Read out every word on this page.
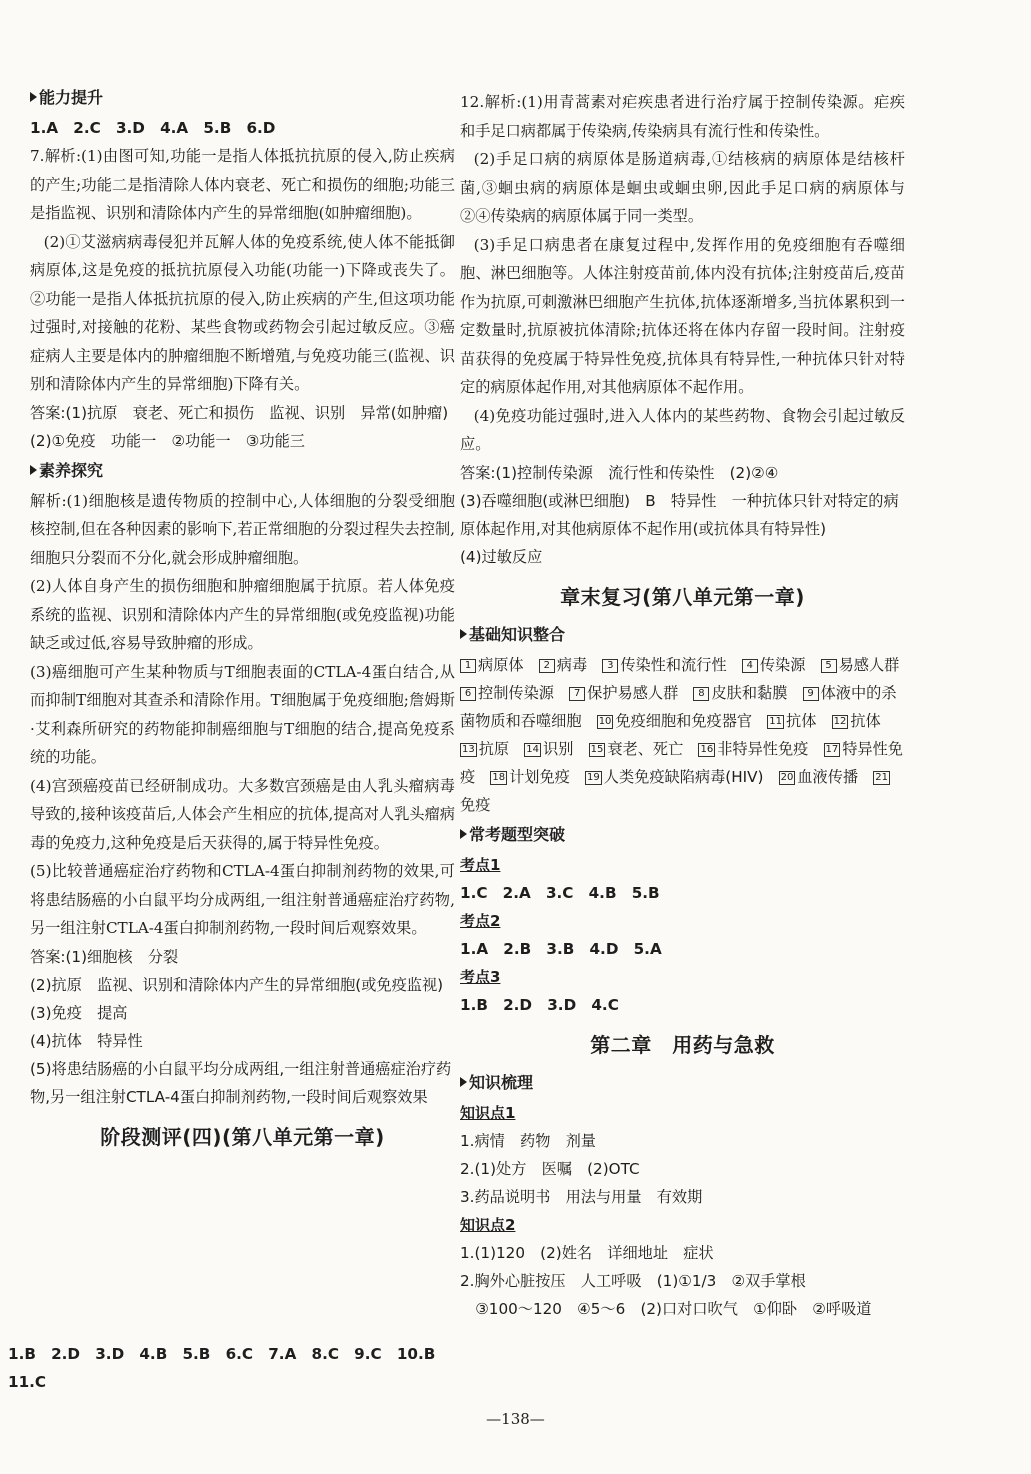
能力提升

1.A　2.C　3.D　4.A　5.B　6.D

7.解析:(1)由图可知,功能一是指人体抵抗抗原的侵入,防止疾病的产生;功能二是指清除人体内衰老、死亡和损伤的细胞;功能三是指监视、识别和清除体内产生的异常细胞(如肿瘤细胞)。

(2)①艾滋病病毒侵犯并瓦解人体的免疫系统,使人体不能抵御病原体,这是免疫的抵抗抗原侵入功能(功能一)下降或丧失了。②功能一是指人体抵抗抗原的侵入,防止疾病的产生,但这项功能过强时,对接触的花粉、某些食物或药物会引起过敏反应。③癌症病人主要是体内的肿瘤细胞不断增殖,与免疫功能三(监视、识别和清除体内产生的异常细胞)下降有关。

答案:(1)抗原　衰老、死亡和损伤　监视、识别　异常(如肿瘤)

(2)①免疫　功能一　②功能一　③功能三

素养探究

解析:(1)细胞核是遗传物质的控制中心,人体细胞的分裂受细胞核控制,但在各种因素的影响下,若正常细胞的分裂过程失去控制,细胞只分裂而不分化,就会形成肿瘤细胞。

(2)人体自身产生的损伤细胞和肿瘤细胞属于抗原。若人体免疫系统的监视、识别和清除体内产生的异常细胞(或免疫监视)功能缺乏或过低,容易导致肿瘤的形成。

(3)癌细胞可产生某种物质与T细胞表面的CTLA-4蛋白结合,从而抑制T细胞对其查杀和清除作用。T细胞属于免疫细胞;詹姆斯·艾利森所研究的药物能抑制癌细胞与T细胞的结合,提高免疫系统的功能。

(4)宫颈癌疫苗已经研制成功。大多数宫颈癌是由人乳头瘤病毒导致的,接种该疫苗后,人体会产生相应的抗体,提高对人乳头瘤病毒的免疫力,这种免疫是后天获得的,属于特异性免疫。

(5)比较普通癌症治疗药物和CTLA-4蛋白抑制剂药物的效果,可将患结肠癌的小白鼠平均分成两组,一组注射普通癌症治疗药物,另一组注射CTLA-4蛋白抑制剂药物,一段时间后观察效果。

答案:(1)细胞核　分裂

(2)抗原　监视、识别和清除体内产生的异常细胞(或免疫监视)

(3)免疫　提高

(4)抗体　特异性

(5)将患结肠癌的小白鼠平均分成两组,一组注射普通癌症治疗药物,另一组注射CTLA-4蛋白抑制剂药物,一段时间后观察效果

阶段测评(四)(第八单元第一章)

1.B　2.D　3.D　4.B　5.B　6.C　7.A　8.C　9.C　10.B

11.C

12.解析:(1)用青蒿素对疟疾患者进行治疗属于控制传染源。疟疾和手足口病都属于传染病,传染病具有流行性和传染性。

(2)手足口病的病原体是肠道病毒,①结核病的病原体是结核杆菌,③蛔虫病的病原体是蛔虫或蛔虫卵,因此手足口病的病原体与②④传染病的病原体属于同一类型。

(3)手足口病患者在康复过程中,发挥作用的免疫细胞有吞噬细胞、淋巴细胞等。人体注射疫苗前,体内没有抗体;注射疫苗后,疫苗作为抗原,可刺激淋巴细胞产生抗体,抗体逐渐增多,当抗体累积到一定数量时,抗原被抗体清除;抗体还将在体内存留一段时间。注射疫苗获得的免疫属于特异性免疫,抗体具有特异性,一种抗体只针对特定的病原体起作用,对其他病原体不起作用。

(4)免疫功能过强时,进入人体内的某些药物、食物会引起过敏反应。

答案:(1)控制传染源　流行性和传染性　(2)②④

(3)吞噬细胞(或淋巴细胞)　B　特异性　一种抗体只针对特定的病原体起作用,对其他病原体不起作用(或抗体具有特异性)

(4)过敏反应

章末复习(第八单元第一章)
基础知识整合
1 病原体　 2 病毒　 3 传染性和流行性　 4 传染源　 5 易感人群　6 控制传染源　 7 保护易感人群　 8 皮肤和黏膜　 9 体液中的杀菌物质和吞噬细胞　 10 免疫细胞和免疫器官　 11 抗体　 12 抗体　13 抗原　 14 识别　 15 衰老、死亡　 16 非特异性免疫　 17 特异性免疫　 18 计划免疫　 19 人类免疫缺陷病毒(HIV)　 20 血液传播　 21免疫　
常考题型突破

考点1

1.C　2.A　3.C　4.B　5.B

考点2

1.A　2.B　3.B　4.D　5.A

考点3

1.B　2.D　3.D　4.C

第二章　用药与急救
知识梳理

知识点1

1.病情　药物　剂量

2.(1)处方　医嘱　(2)OTC

3.药品说明书　用法与用量　有效期

知识点2

1.(1)120　(2)姓名　详细地址　症状

2.胸外心脏按压　人工呼吸　(1)①1/3　②双手掌根

③100～120　④5～6　(2)口对口吹气　①仰卧　②呼吸道

—138—
